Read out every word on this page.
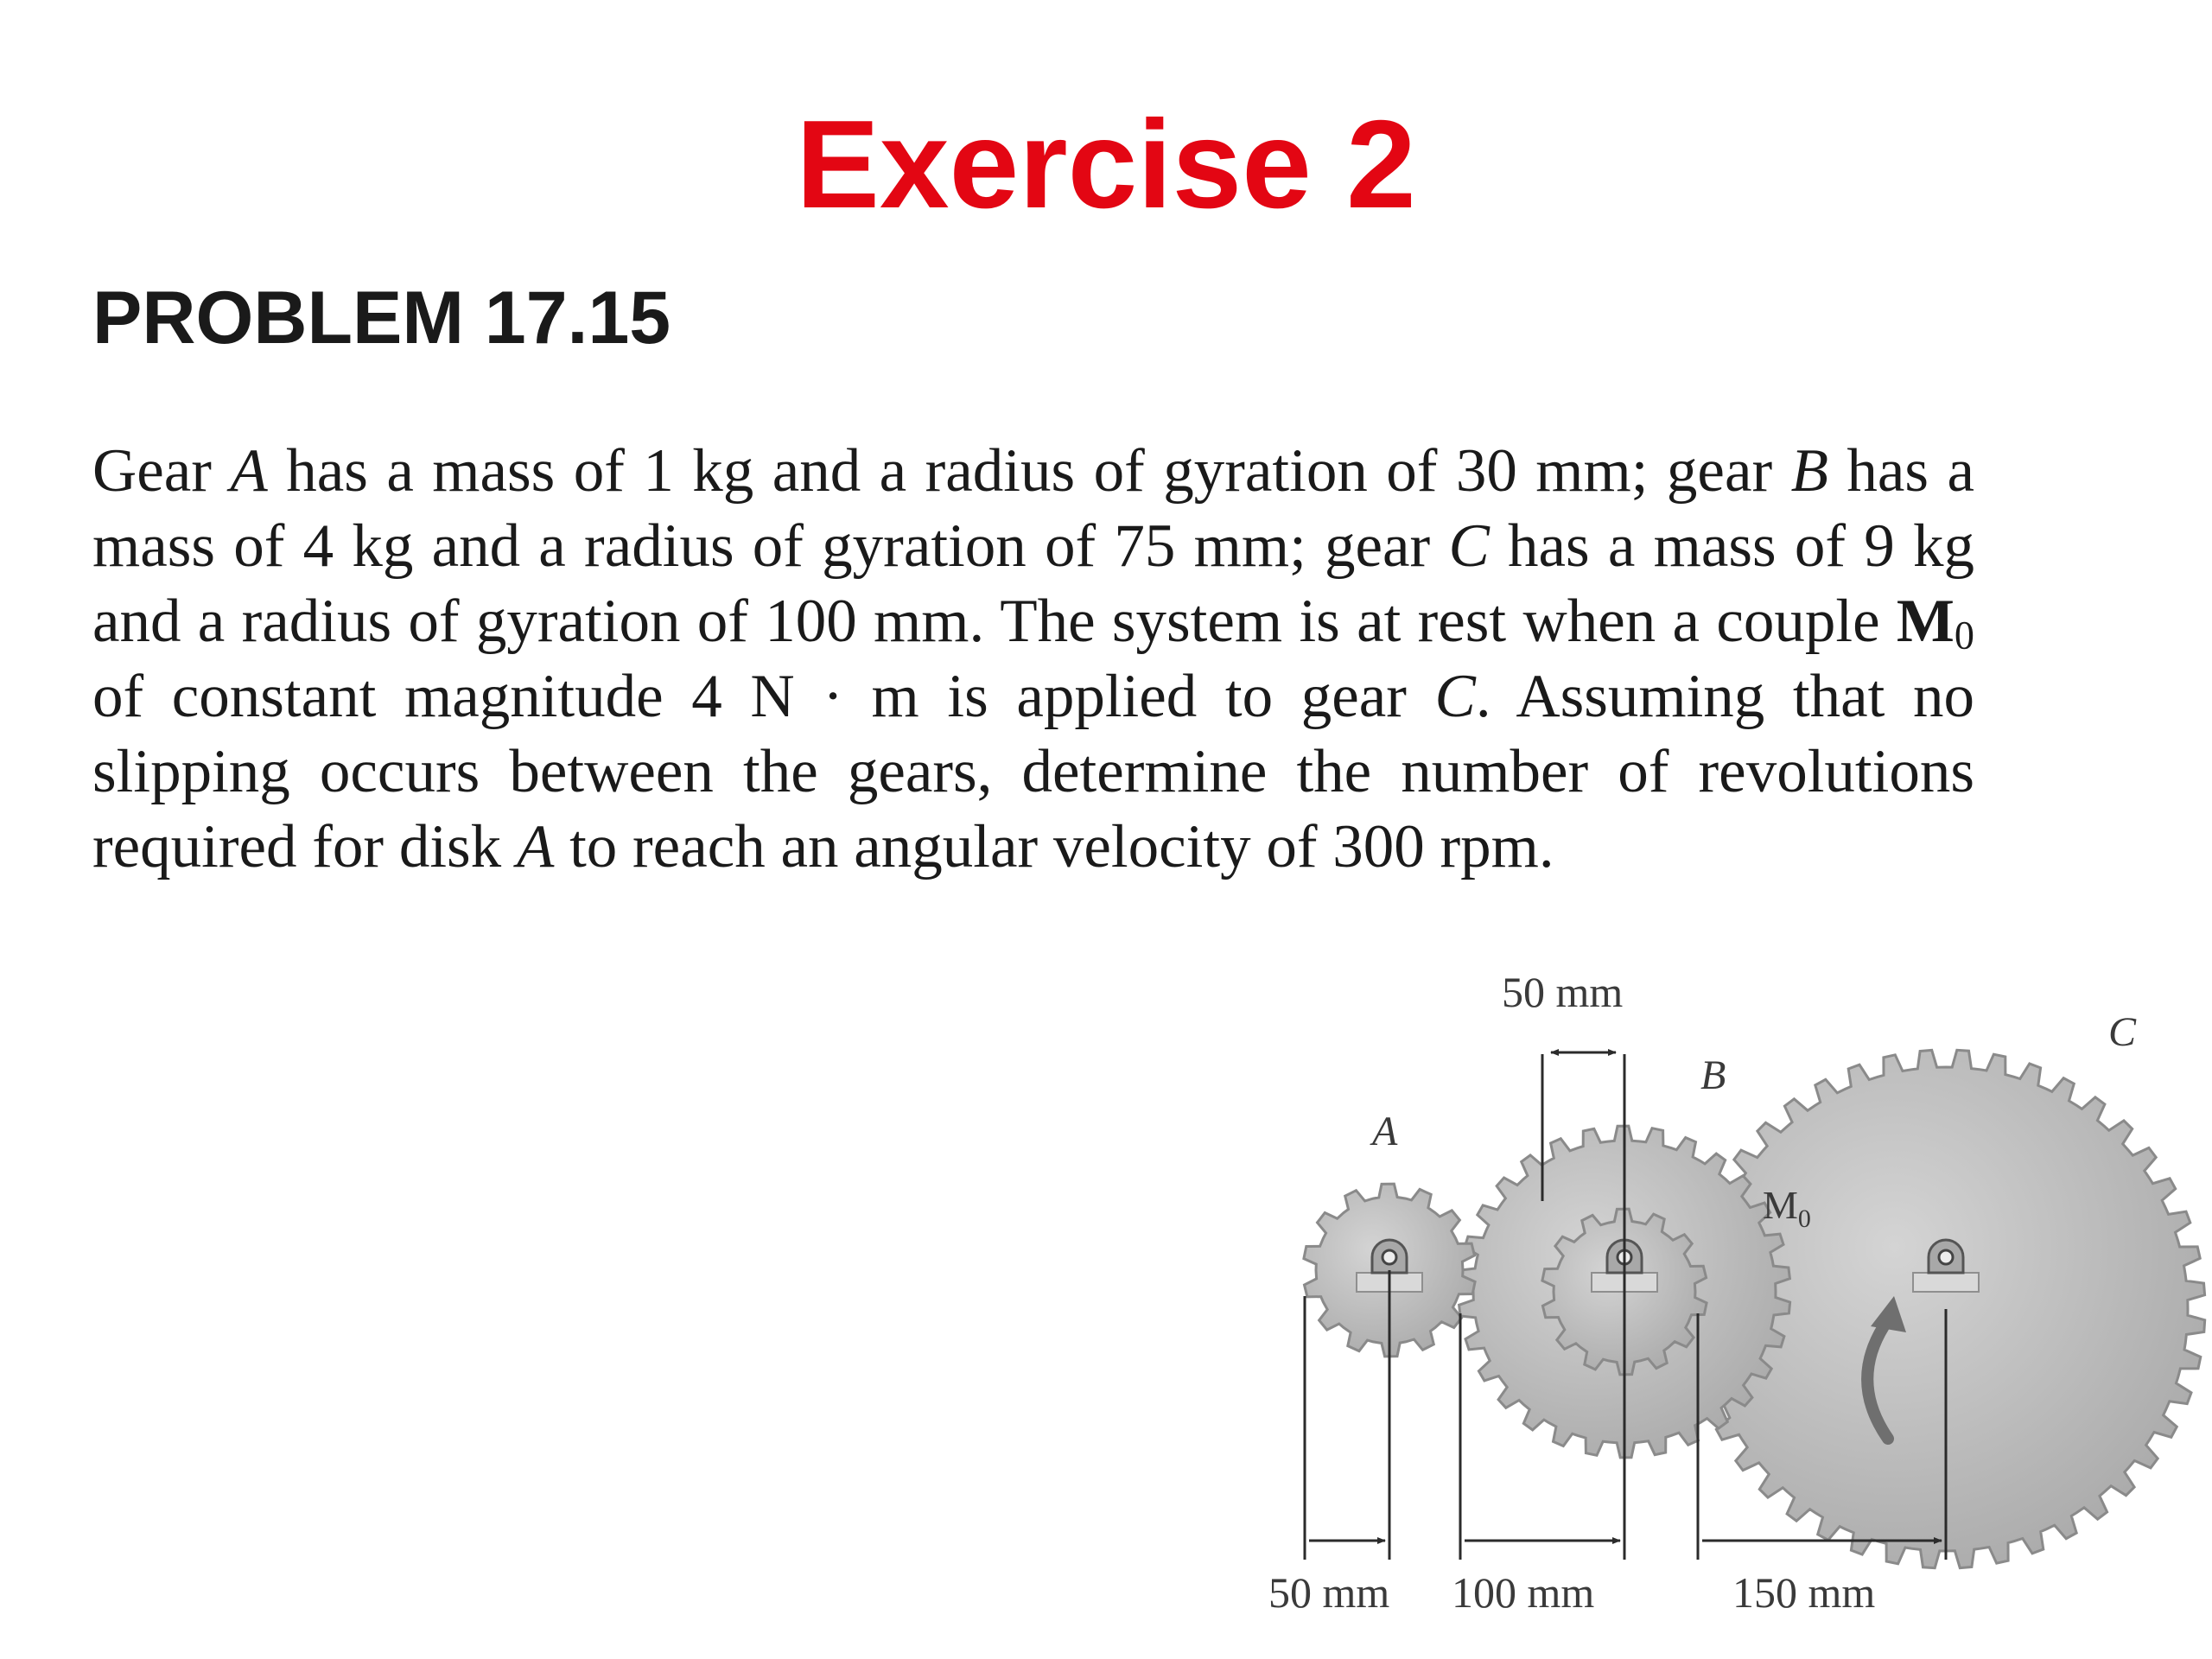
Exercise 2
PROBLEM 17.15

Gear A has a mass of 1 kg and a radius of gyration of 30 mm; gear B has a mass of 4 kg and a radius of gyration of 75 mm; gear C has a mass of 9 kg and a radius of gyration of 100 mm. The system is at rest when a couple $M_0$ of constant magnitude 4 N · m is applied to gear C. Assuming that no slipping occurs between the gears, determine the number of revolutions required for disk A to reach an angular velocity of 300 rpm.

$M_0$
A
B
C
50 mm
50 mm 100 mm	150 mm
